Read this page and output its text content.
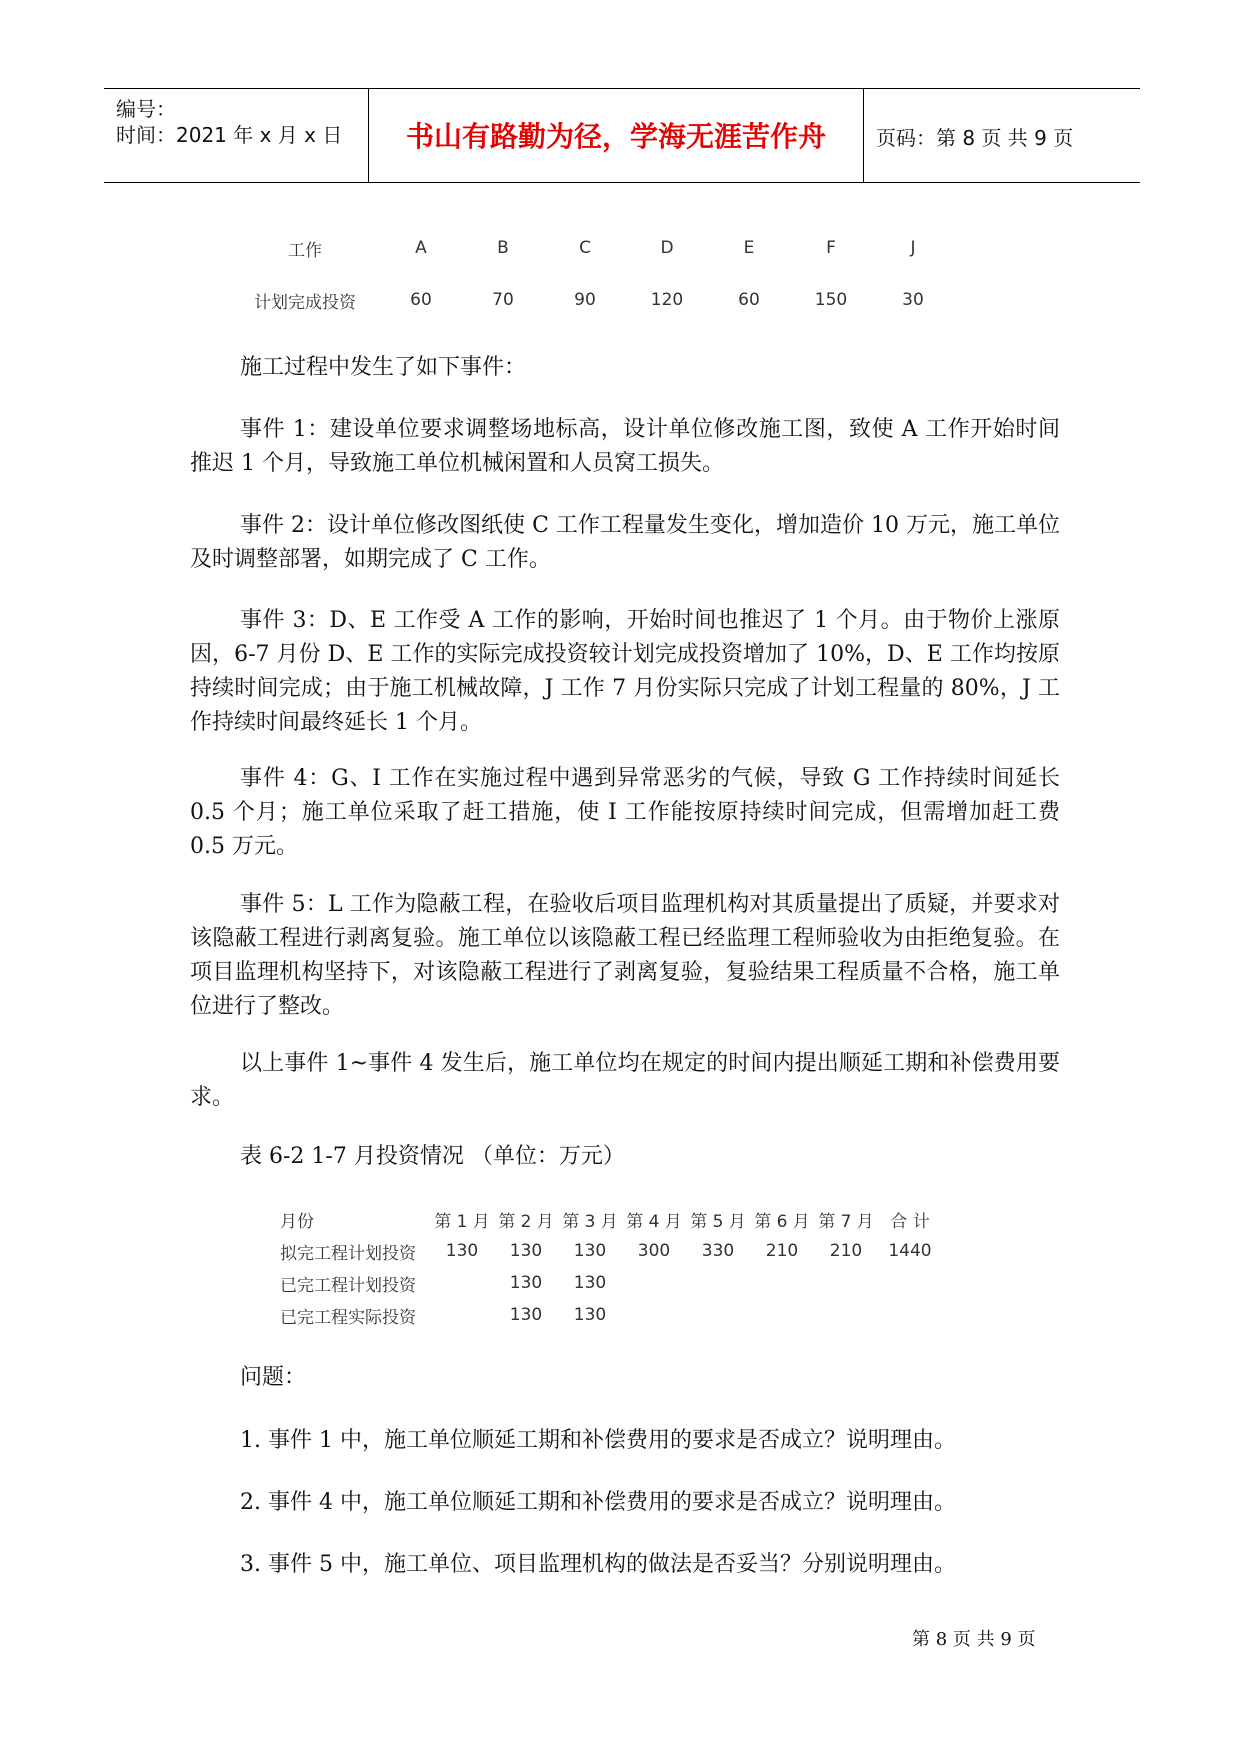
编号：
时间：2021 年 x 月 x 日	书山有路勤为径，学海无涯苦作舟	页码：第 8 页 共 9 页
工作	A	B	C	D	E	F	J
计划完成投资	60	70	90	120	60	150	30
施工过程中发生了如下事件：
事件 1：建设单位要求调整场地标高，设计单位修改施工图，致使 A 工作开始时间推迟 1 个月，导致施工单位机械闲置和人员窝工损失。
事件 2：设计单位修改图纸使 C 工作工程量发生变化，增加造价 10 万元，施工单位及时调整部署，如期完成了 C 工作。
事件 3：D、E 工作受 A 工作的影响，开始时间也推迟了 1 个月。由于物价上涨原因，6-7 月份 D、E 工作的实际完成投资较计划完成投资增加了 10%，D、E 工作均按原持续时间完成；由于施工机械故障，J 工作 7 月份实际只完成了计划工程量的 80%，J 工作持续时间最终延长 1 个月。
事件 4：G、I 工作在实施过程中遇到异常恶劣的气候，导致 G 工作持续时间延长 0.5 个月；施工单位采取了赶工措施，使 I 工作能按原持续时间完成，但需增加赶工费 0.5 万元。
事件 5：L 工作为隐蔽工程，在验收后项目监理机构对其质量提出了质疑，并要求对该隐蔽工程进行剥离复验。施工单位以该隐蔽工程已经监理工程师验收为由拒绝复验。在项目监理机构坚持下，对该隐蔽工程进行了剥离复验，复验结果工程质量不合格，施工单位进行了整改。
以上事件 1~事件 4 发生后，施工单位均在规定的时间内提出顺延工期和补偿费用要求。
表 6-2 1-7 月投资情况 （单位：万元）
月份	第 1 月	第 2 月	第 3 月	第 4 月	第 5 月	第 6 月	第 7 月	合 计
拟完工程计划投资	130	130	130	300	330	210	210	1440
已完工程计划投资		130	130					
已完工程实际投资		130	130					
问题：
1. 事件 1 中，施工单位顺延工期和补偿费用的要求是否成立？说明理由。
2. 事件 4 中，施工单位顺延工期和补偿费用的要求是否成立？说明理由。
3. 事件 5 中，施工单位、项目监理机构的做法是否妥当？分别说明理由。
第 8 页 共 9 页
